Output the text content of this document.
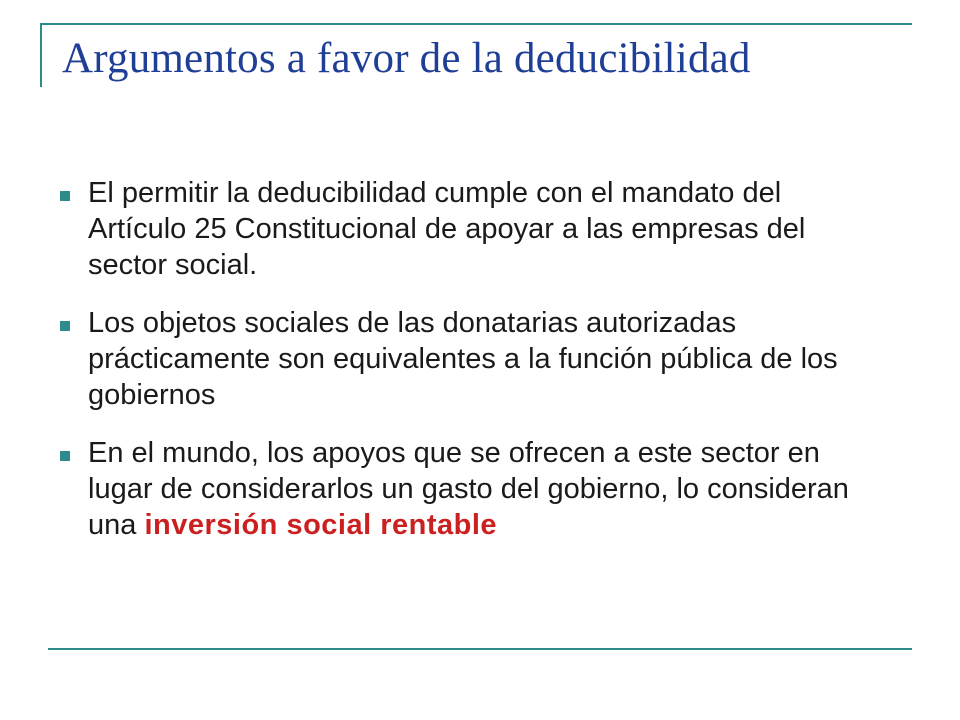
Argumentos a favor de la deducibilidad
El permitir la deducibilidad cumple con el mandato del Artículo 25 Constitucional de apoyar a las empresas del sector social.
Los objetos sociales de las donatarias autorizadas prácticamente son equivalentes a la función pública de los gobiernos
En el mundo, los apoyos que se ofrecen a este sector en lugar de considerarlos un gasto del gobierno, lo consideran una inversión social rentable
